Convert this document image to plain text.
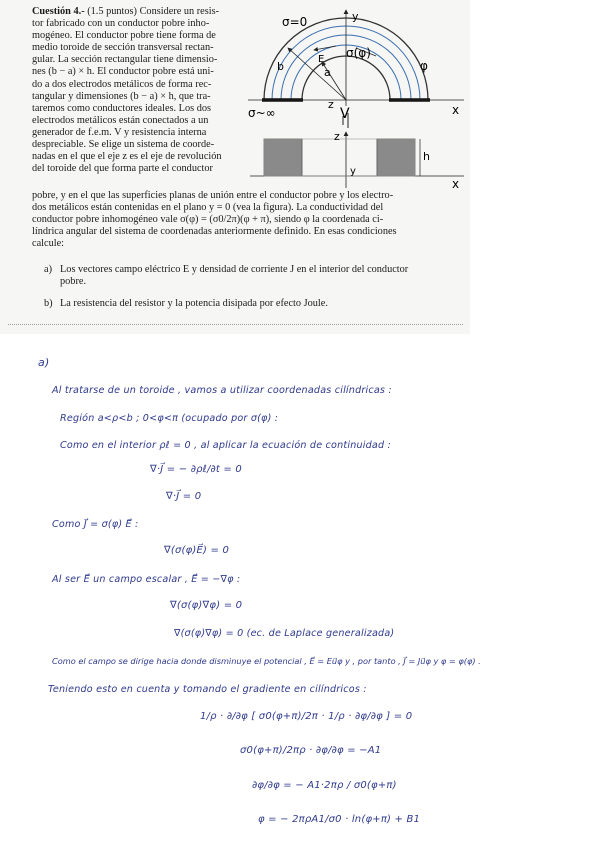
Cuestión 4.- (1.5 puntos) Considere un resis-
tor fabricado con un conductor pobre inho-
mogéneo. El conductor pobre tiene forma de
medio toroide de sección transversal rectan-
gular. La sección rectangular tiene dimensio-
nes (b − a) × h. El conductor pobre está uni-
do a dos electrodos metálicos de forma rec-
tangular y dimensiones (b − a) × h, que tra-
taremos como conductores ideales. Los dos
electrodos metálicos están conectados a un
generador de f.e.m. V y resistencia interna
despreciable. Se elige un sistema de coorde-
nadas en el que el eje z es el eje de revolución
del toroide del que forma parte el conductor
σ=0
σ(φ)
σ~∞
φ
y
z	x
V
a
b
E
z
h
y
x
pobre, y en el que las superficies planas de unión entre el conductor pobre y los electro-
dos metálicos están contenidas en el plano y = 0 (vea la figura). La conductividad del
conductor pobre inhomogéneo vale σ(φ) = (σ0/2π)(φ + π), siendo φ la coordenada ci-
líndrica angular del sistema de coordenadas anteriormente definido. En esas condiciones
calcule:
a) Los vectores campo eléctrico E y densidad de corriente J en el interior del conductor
pobre.
b) La resistencia del resistor y la potencia disipada por efecto Joule.
a)
Al tratarse de un toroide , vamos a utilizar coordenadas cilíndricas :
Región a<ρ<b ; 0<φ<π (ocupado por σ(φ) :
Como en el interior ρℓ = 0 , al aplicar la ecuación de continuidad :
∇·J⃗ = − ∂ρℓ/∂t = 0
∇·J⃗ = 0
Como J⃗ = σ(φ) E⃗ :
∇(σ(φ)E⃗) = 0
Al ser E⃗ un campo escalar , E⃗ = −∇φ :
∇(σ(φ)∇φ) = 0
∇(σ(φ)∇φ) = 0 (ec. de Laplace generalizada)
Como el campo se dirige hacia donde disminuye el potencial , E⃗ = Eu⃗φ y , por tanto , J⃗ = Ju⃗φ y φ = φ(φ) .
Teniendo esto en cuenta y tomando el gradiente en cilíndricos :
1/ρ · ∂/∂φ [ σ0(φ+π)/2π · 1/ρ · ∂φ/∂φ ] = 0
σ0(φ+π)/2πρ · ∂φ/∂φ = −A1
∂φ/∂φ = − A1·2πρ / σ0(φ+π)
φ = − 2πρA1/σ0 · ln(φ+π) + B1
